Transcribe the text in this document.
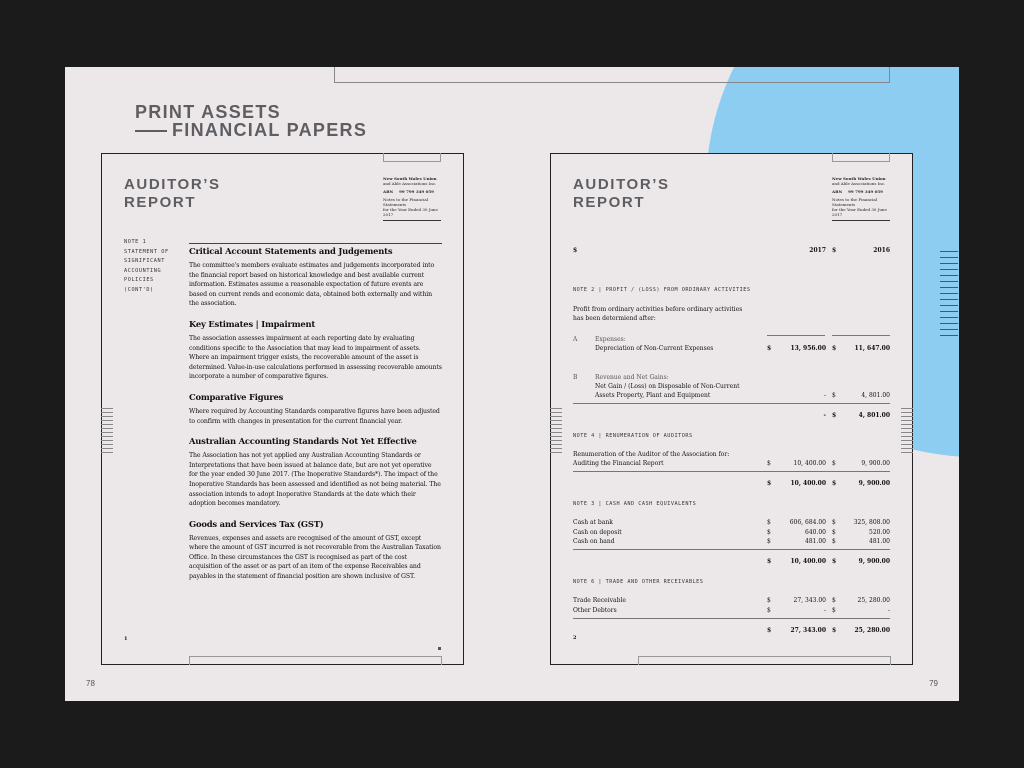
PRINT ASSETS
FINANCIAL PAPERS
78	79
AUDITOR’S
REPORT
New South Wales Union
and Able Associations Inc.
ABN 99 799 349 059
Notes to the Financial Statements
for the Year Ended 30 June 2017
NOTE 1
STATEMENT OF
SIGNIFICANT
ACCOUNTING
POLICIES
(CONT'D)
Critical Account Statements and Judgements

The committee's members evaluate estimates and judgements incorporated into the financial report based on historical knowledge and best available current information. Estimates assume a reasonable expectation of future events are based on current rends and economic data, obtained both externally and within the association.

Key Estimates | Impairment

The association assesses impairment at each reporting date by evaluating conditions specific to the Association that may lead to impairment of assets. Where an impairment trigger exists, the recoverable amount of the asset is determined. Value-in-use calculations performed in assessing recoverable amounts incorporate a number of comparative figures.

Comparative Figures

Where required by Accounting Standards comparative figures have been adjusted to confirm with changes in presentation for the current financial year.

Australian Accounting Standards Not Yet Effective

The Association has not yet applied any Australian Accounting Standards or Interpretations that have been issued at balance date, but are not yet operative for the year ended 30 June 2017. (The Inoperative Standards*). The impact of the Inoperative Standards has been assessed and identified as not being material. The association intends to adopt Inoperative Standards at the date which their adoption becomes mandatory.

Goods and Services Tax (GST)

Revenues, expenses and assets are recognised of the amount of GST, except where the amount of GST incurred is not recoverable from the Australian Taxation Office. In these circumstances the GST is recognised as part of the cost acquisition of the asset or as part of an item of the expense Receivables and payables in the statement of financial position are shown inclusive of GST.

1
AUDITOR’S
REPORT
New South Wales Union
and Able Associations Inc.
ABN 99 799 349 059
Notes to the Financial Statements
for the Year Ended 30 June 2017
$	2017 $	2016
NOTE 2 | PROFIT / (LOSS) FROM ORDINARY ACTIVITIES
Profit from ordinary activities before ordinary activities
has been determiend after:
A	Expenses:
Depreciation of Non-Current Expenses	$	13, 956.00 $	11, 647.00
B	Revenue and Net Gains:
Net Gain / (Loss) on Disposable of Non-Current
Assets Property, Plant and Equipment	- $	4, 801.00
- $	4, 801.00
NOTE 4 | RENUMERATION OF AUDITORS
Renumeration of the Auditor of the Association for:
Auditing the Financial Report	$	10, 400.00 $	9, 900.00
$	10, 400.00 $	9, 900.00
NOTE 3 | CASH AND CASH EQUIVALENTS
Cash at bank	$	606, 684.00 $	325, 808.00
Cash on deposit	$	640.00 $	520.00
Cash on hand	$	481.00 $	481.00
$	10, 400.00 $	9, 900.00
NOTE 6 | TRADE AND OTHER RECEIVABLES
Trade Receivable	$	27, 343.00 $	25, 280.00
Other Debtors	$	- $	-
$	27, 343.00 $	25, 280.00
2
